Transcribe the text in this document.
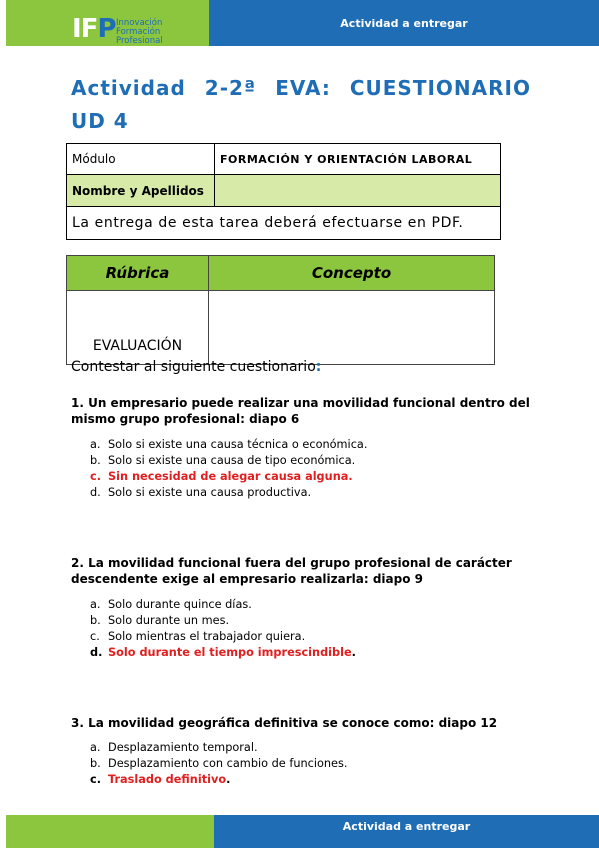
IFP Innovación
Formación
Profesional
Actividad a entregar
Actividad 2-2ª EVA: CUESTIONARIO
UD 4
Módulo	FORMACIÓN Y ORIENTACIÓN LABORAL
Nombre y Apellidos	
La entrega de esta tarea deberá efectuarse en PDF.	
Rúbrica	Concepto
EVALUACIÓN	
Contestar al siguiente cuestionario:
1. Un empresario puede realizar una movilidad funcional dentro del mismo grupo profesional: diapo 6
a. Solo si existe una causa técnica o económica.
b. Solo si existe una causa de tipo económica.
c. Sin necesidad de alegar causa alguna.
d. Solo si existe una causa productiva.
2. La movilidad funcional fuera del grupo profesional de carácter descendente exige al empresario realizarla: diapo 9
a. Solo durante quince días.
b. Solo durante un mes.
c. Solo mientras el trabajador quiera.
d. Solo durante el tiempo imprescindible.
3. La movilidad geográfica definitiva se conoce como: diapo 12
a. Desplazamiento temporal.
b. Desplazamiento con cambio de funciones.
c. Traslado definitivo.
Actividad a entregar
